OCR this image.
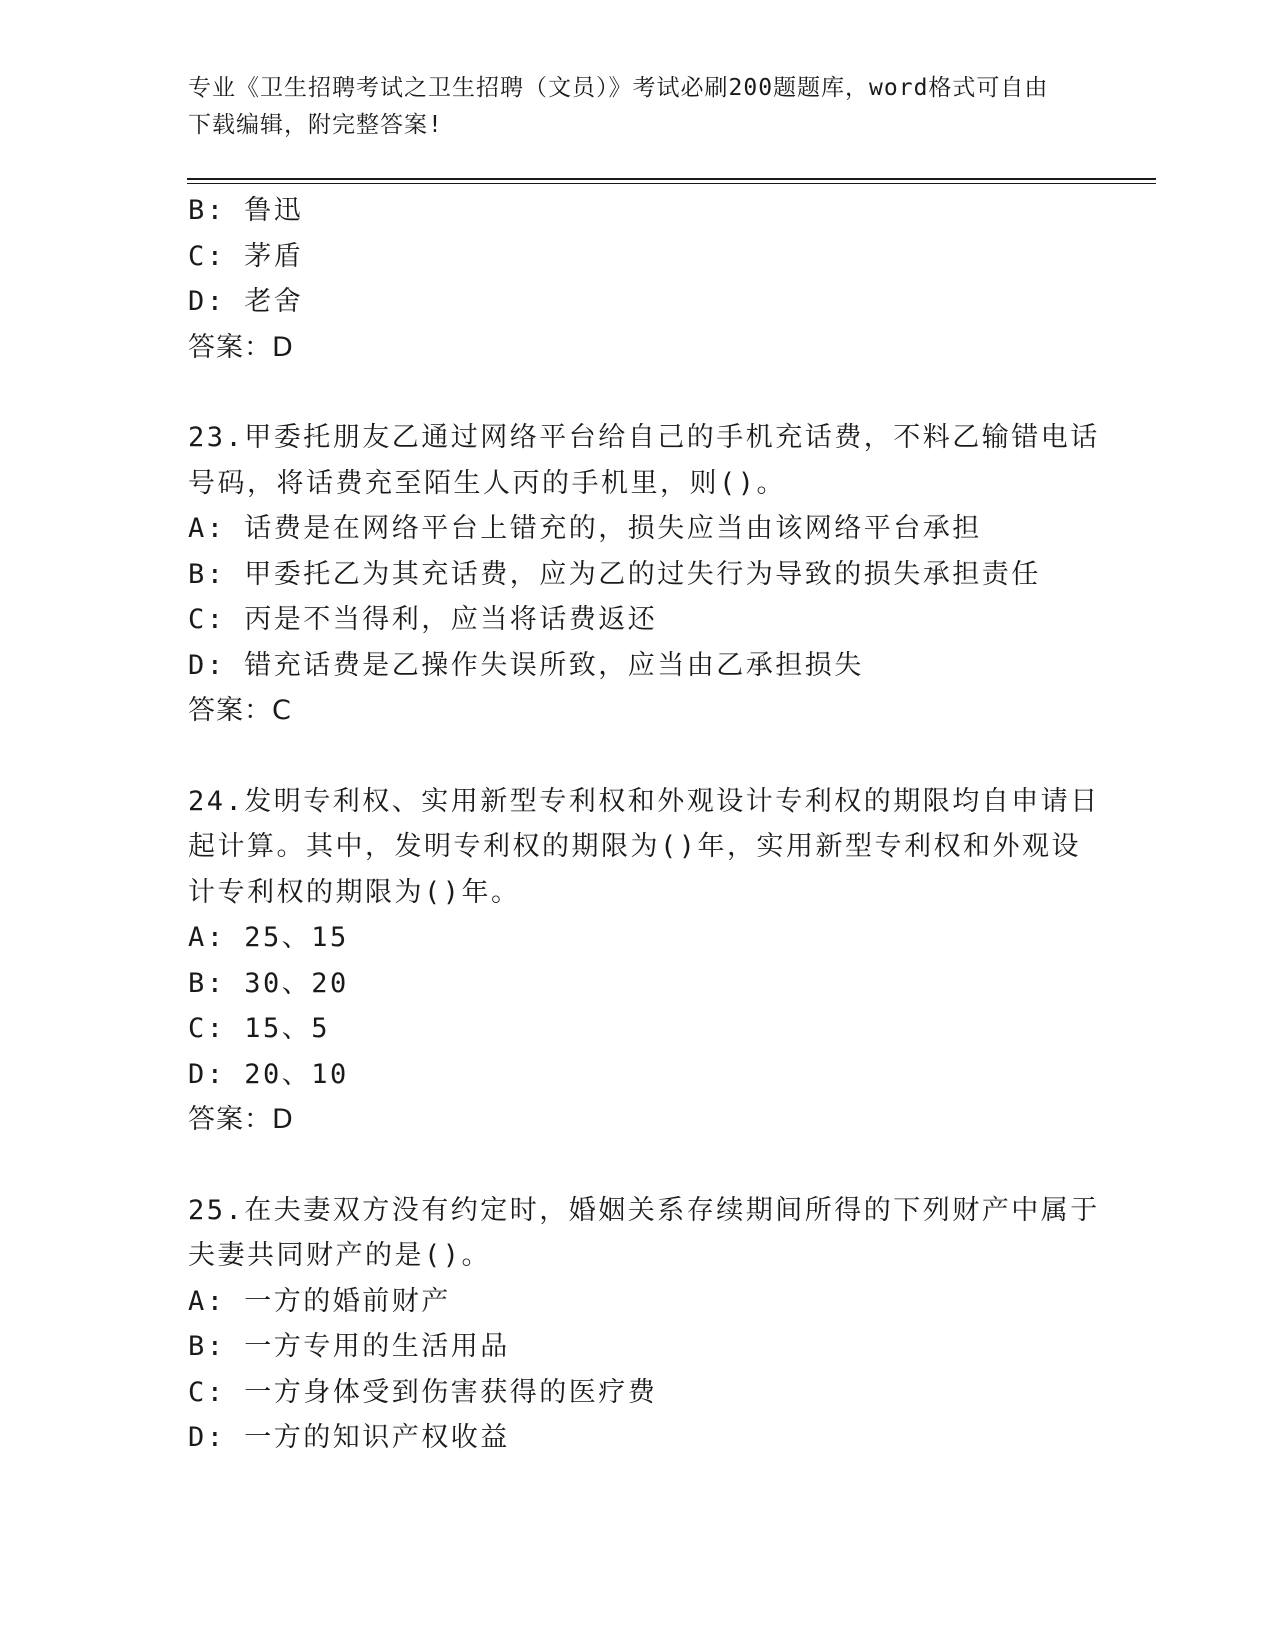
专业《卫生招聘考试之卫生招聘（文员）》考试必刷200题题库，word格式可自由下载编辑，附完整答案!
B: 鲁迅
C: 茅盾
D: 老舍
答案：D
23.甲委托朋友乙通过网络平台给自己的手机充话费，不料乙输错电话
号码，将话费充至陌生人丙的手机里，则()。
A: 话费是在网络平台上错充的，损失应当由该网络平台承担
B: 甲委托乙为其充话费，应为乙的过失行为导致的损失承担责任
C: 丙是不当得利，应当将话费返还
D: 错充话费是乙操作失误所致，应当由乙承担损失
答案：C
24.发明专利权、实用新型专利权和外观设计专利权的期限均自申请日
起计算。其中，发明专利权的期限为()年，实用新型专利权和外观设
计专利权的期限为()年。
A: 25、15
B: 30、20
C: 15、5
D: 20、10
答案：D
25.在夫妻双方没有约定时，婚姻关系存续期间所得的下列财产中属于
夫妻共同财产的是()。
A: 一方的婚前财产
B: 一方专用的生活用品
C: 一方身体受到伤害获得的医疗费
D: 一方的知识产权收益
